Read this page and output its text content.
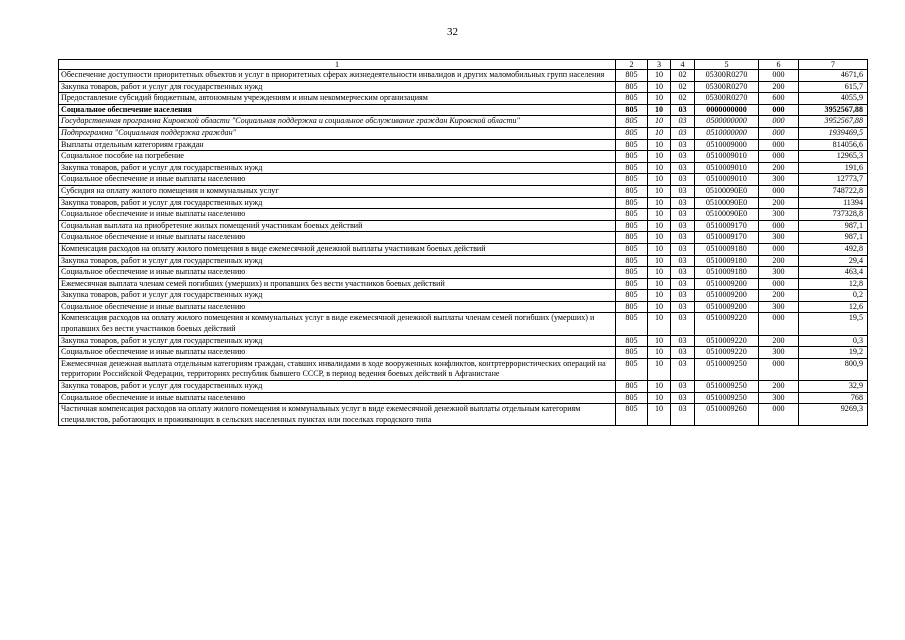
32
1	2	3	4	5	6	7
Обеспечение доступности приоритетных объектов и услуг в приоритетных сферах жизнедеятельности инвалидов и других маломобильных групп населения	805	10	02	05300R0270	000	4671,6
Закупка товаров, работ и услуг для государственных нужд	805	10	02	05300R0270	200	615,7
Предоставление субсидий бюджетным, автономным учреждениям и иным некоммерческим организациям	805	10	02	05300R0270	600	4055,9
Социальное обеспечение населения	805	10	03	0000000000	000	3952567,88
Государственная программа Кировской области "Социальная поддержка и социальное обслуживание граждан Кировской области"	805	10	03	0500000000	000	3952567,88
Подпрограмма "Социальная поддержка граждан"	805	10	03	0510000000	000	1939469,5
Выплаты отдельным категориям граждан	805	10	03	0510009000	000	814056,6
Социальное пособие на погребение	805	10	03	0510009010	000	12965,3
Закупка товаров, работ и услуг для государственных нужд	805	10	03	0510009010	200	191,6
Социальное обеспечение и иные выплаты населению	805	10	03	0510009010	300	12773,7
Субсидия на оплату жилого помещения и коммунальных услуг	805	10	03	05100090E0	000	748722,8
Закупка товаров, работ и услуг для государственных нужд	805	10	03	05100090E0	200	11394
Социальное обеспечение и иные выплаты населению	805	10	03	05100090E0	300	737328,8
Социальная выплата на приобретение жилых помещений участникам боевых действий	805	10	03	0510009170	000	987,1
Социальное обеспечение и иные выплаты населению	805	10	03	0510009170	300	987,1
Компенсация расходов на оплату жилого помещения в виде ежемесячной денежной выплаты участникам боевых действий	805	10	03	0510009180	000	492,8
Закупка товаров, работ и услуг для государственных нужд	805	10	03	0510009180	200	29,4
Социальное обеспечение и иные выплаты населению	805	10	03	0510009180	300	463,4
Ежемесячная выплата членам семей погибших (умерших) и пропавших без вести участников боевых действий	805	10	03	0510009200	000	12,8
Закупка товаров, работ и услуг для государственных нужд	805	10	03	0510009200	200	0,2
Социальное обеспечение и иные выплаты населению	805	10	03	0510009200	300	12,6
Компенсация расходов на оплату жилого помещения и коммунальных услуг в виде ежемесячной денежной выплаты членам семей погибших (умерших) и пропавших без вести участников боевых действий	805	10	03	0510009220	000	19,5
Закупка товаров, работ и услуг для государственных нужд	805	10	03	0510009220	200	0,3
Социальное обеспечение и иные выплаты населению	805	10	03	0510009220	300	19,2
Ежемесячная денежная выплата отдельным категориям граждан, ставших инвалидами в ходе вооруженных конфликтов, контртеррористических операций на территории Российской Федерации, территориях республик бывшего СССР, в период ведения боевых действий в Афганистане	805	10	03	0510009250	000	800,9
Закупка товаров, работ и услуг для государственных нужд	805	10	03	0510009250	200	32,9
Социальное обеспечение и иные выплаты населению	805	10	03	0510009250	300	768
Частичная компенсация расходов на оплату жилого помещения и коммунальных услуг в виде ежемесячной денежной выплаты отдельным категориям специалистов, работающих и проживающих в сельских населенных пунктах или поселках городского типа	805	10	03	0510009260	000	9269,3
